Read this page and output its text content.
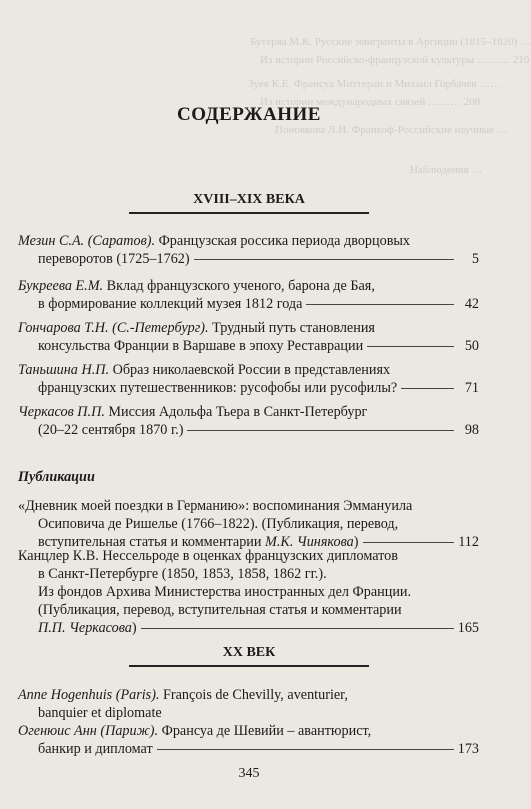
Бутерва М.К. Русские эмигранты в Аргиции (1815–1820) …
Из истории Российско-французской культуры ……… 210
Зуев К.Е. Франсуа Миттеран и Михаил Горбачев ……
Из истории международных связей ……… 208
Поновкова Л.И. Франкоф-Российские научные …
Наблюдения …
СОДЕРЖАНИЕ
XVIII–XIX ВЕКА
Мезин С.А. (Саратов). Французская россика периода дворцовых
переворотов (1725–1762)	5
Букреева Е.М. Вклад французского ученого, барона де Бая,
в формирование коллекций музея 1812 года	42
Гончарова Т.Н. (С.-Петербург). Трудный путь становления
консульства Франции в Варшаве в эпоху Реставрации	50
Таньшина Н.П. Образ николаевской России в представлениях
французских путешественников: русофобы или русофилы?	71
Черкасов П.П. Миссия Адольфа Тьера в Санкт-Петербург
(20–22 сентября 1870 г.)	98
Публикации
«Дневник моей поездки в Германию»: воспоминания Эммануила
Осиповича де Ришелье (1766–1822). (Публикация, перевод,
вступительная статья и комментарии
М.К. Чинякова )	112
Канцлер К.В. Нессельроде в оценках французских дипломатов
в Санкт-Петербурге (1850, 1853, 1858, 1862 гг.).
Из фондов Архива Министерства иностранных дел Франции.
(Публикация, перевод, вступительная статья и комментарии
П.П. Черкасова )	165
XX ВЕК
Anne Hogenhuis (Paris). François de Chevilly, aventurier,
banquier et diplomate
Огенюис Анн (Париж). Франсуа де Шевийи – авантюрист,
банкир и дипломат	173
345
